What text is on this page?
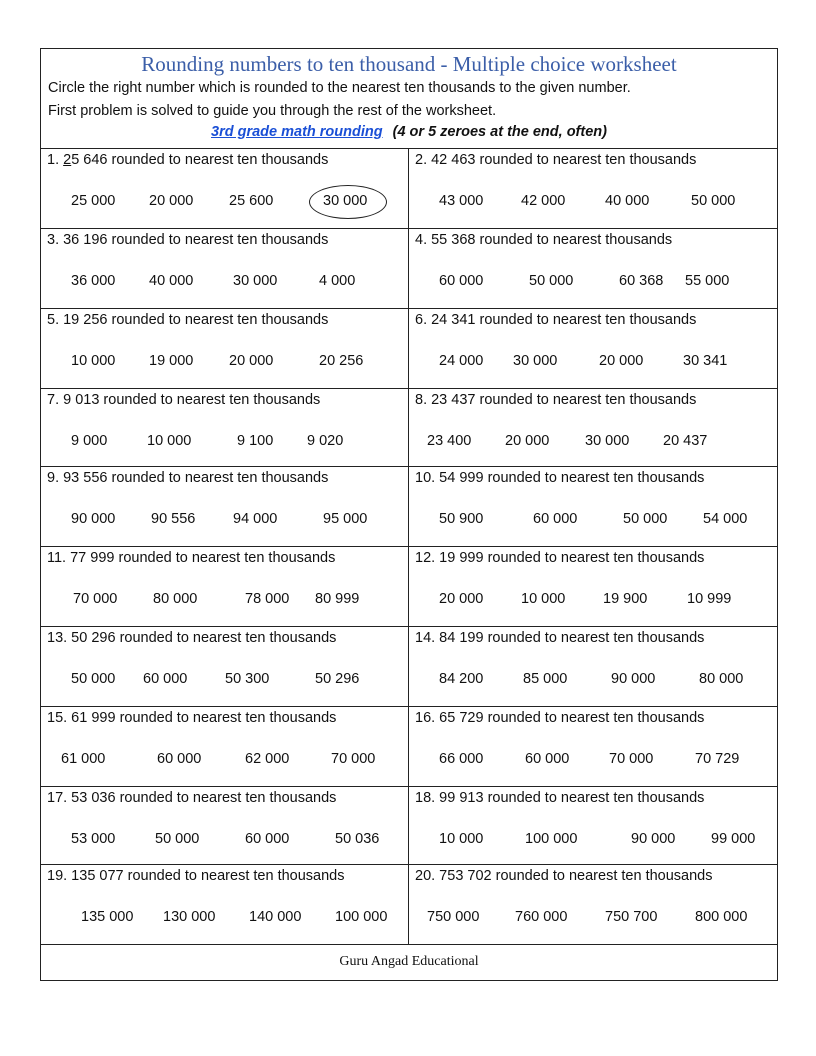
Rounding numbers to ten thousand - Multiple choice worksheet
Circle the right number which is rounded to the nearest ten thousands to the given number.
First problem is solved to guide you through the rest of the worksheet.
3rd grade math rounding (4 or 5 zeroes at the end, often)
1. 25 646 rounded to nearest ten thousands
25 000 20 000 25 600	30 000
2. 42 463 rounded to nearest ten thousands
43 000	42 000	40 000	50 000
3. 36 196 rounded to nearest ten thousands
36 000 40 000	30 000	4 000
4. 55 368 rounded to nearest thousands
60 000	50 000	60 368 55 000
5. 19 256 rounded to nearest ten thousands
10 000 19 000 20 000	20 256
6. 24 341 rounded to nearest ten thousands
24 000 30 000	20 000	30 341
7. 9 013 rounded to nearest ten thousands
9 000	10 000	9 100 9 020
8. 23 437 rounded to nearest ten thousands
23 400 20 000 30 000 20 437
9. 93 556 rounded to nearest ten thousands
90 000 90 556	94 000	95 000
10. 54 999 rounded to nearest ten thousands
50 900	60 000	50 000 54 000
11. 77 999 rounded to nearest ten thousands
70 000 80 000	78 000 80 999
12. 19 999 rounded to nearest ten thousands
20 000	10 000	19 900	10 999
13. 50 296 rounded to nearest ten thousands
50 000 60 000	50 300	50 296
14. 84 199 rounded to nearest ten thousands
84 200	85 000	90 000	80 000
15. 61 999 rounded to nearest ten thousands
61 000	60 000	62 000	70 000
16. 65 729 rounded to nearest ten thousands
66 000	60 000	70 000	70 729
17. 53 036 rounded to nearest ten thousands
53 000	50 000	60 000	50 036
18. 99 913 rounded to nearest ten thousands
10 000	100 000	90 000 99 000
19. 135 077 rounded to nearest ten thousands
135 000 130 000 140 000 100 000
20. 753 702 rounded to nearest ten thousands
750 000 760 000	750 700	800 000
Guru Angad Educational
